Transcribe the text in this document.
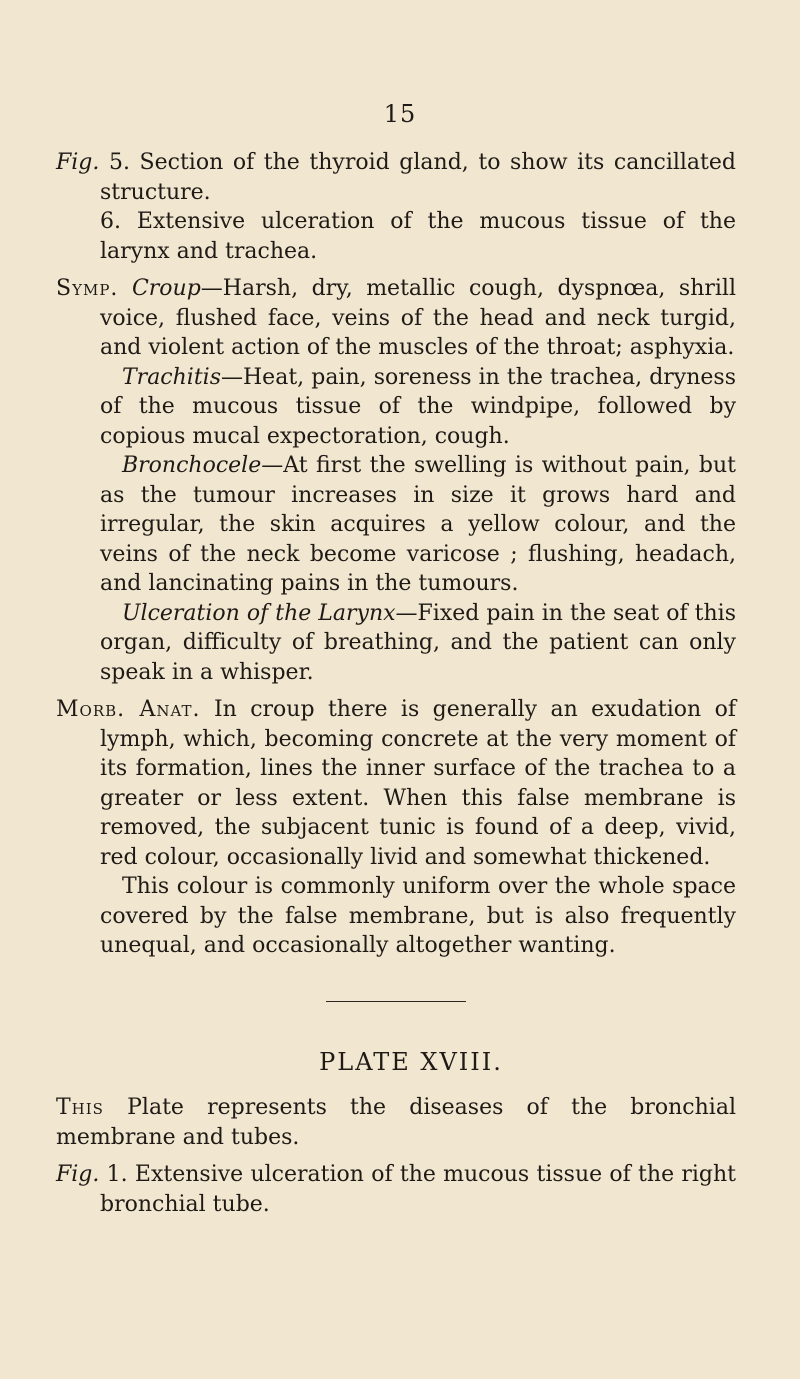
15

Fig. 5. Section of the thyroid gland, to show its cancillated structure.

6. Extensive ulceration of the mucous tissue of the larynx and trachea.

Symp. Croup—Harsh, dry, metallic cough, dyspnœa, shrill voice, flushed face, veins of the head and neck turgid, and violent action of the muscles of the throat; asphyxia.

Trachitis—Heat, pain, soreness in the trachea, dryness of the mucous tissue of the windpipe, followed by copious mucal expectoration, cough.

Bronchocele—At first the swelling is without pain, but as the tumour increases in size it grows hard and irregular, the skin acquires a yellow colour, and the veins of the neck become varicose ; flushing, headach, and lancinating pains in the tumours.

Ulceration of the Larynx—Fixed pain in the seat of this organ, difficulty of breathing, and the patient can only speak in a whisper.

Morb. Anat. In croup there is generally an exudation of lymph, which, becoming concrete at the very moment of its formation, lines the inner surface of the trachea to a greater or less extent. When this false membrane is removed, the subjacent tunic is found of a deep, vivid, red colour, occasionally livid and somewhat thickened.

This colour is commonly uniform over the whole space covered by the false membrane, but is also frequently unequal, and occasionally altogether wanting.

PLATE XVIII.

This Plate represents the diseases of the bronchial membrane and tubes.

Fig. 1. Extensive ulceration of the mucous tissue of the right bronchial tube.
